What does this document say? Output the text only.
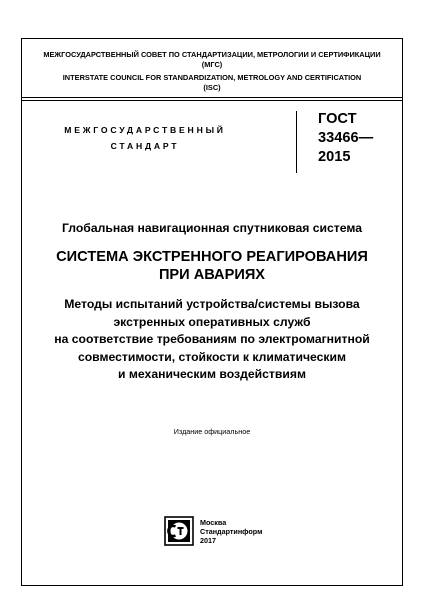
МЕЖГОСУДАРСТВЕННЫЙ СОВЕТ ПО СТАНДАРТИЗАЦИИ, МЕТРОЛОГИИ И СЕРТИФИКАЦИИ
(МГС)
INTERSTATE COUNCIL FOR STANDARDIZATION, METROLOGY AND CERTIFICATION
(ISC)
МЕЖГОСУДАРСТВЕННЫЙ
СТАНДАРТ
ГОСТ
33466—
2015
Глобальная навигационная спутниковая система
СИСТЕМА ЭКСТРЕННОГО РЕАГИРОВАНИЯ
ПРИ АВАРИЯХ
Методы испытаний устройства/системы вызова
экстренных оперативных служб
на соответствие требованиям по электромагнитной
совместимости, стойкости к климатическим
и механическим воздействиям
Издание официальное
Москва
Стандартинформ
2017
